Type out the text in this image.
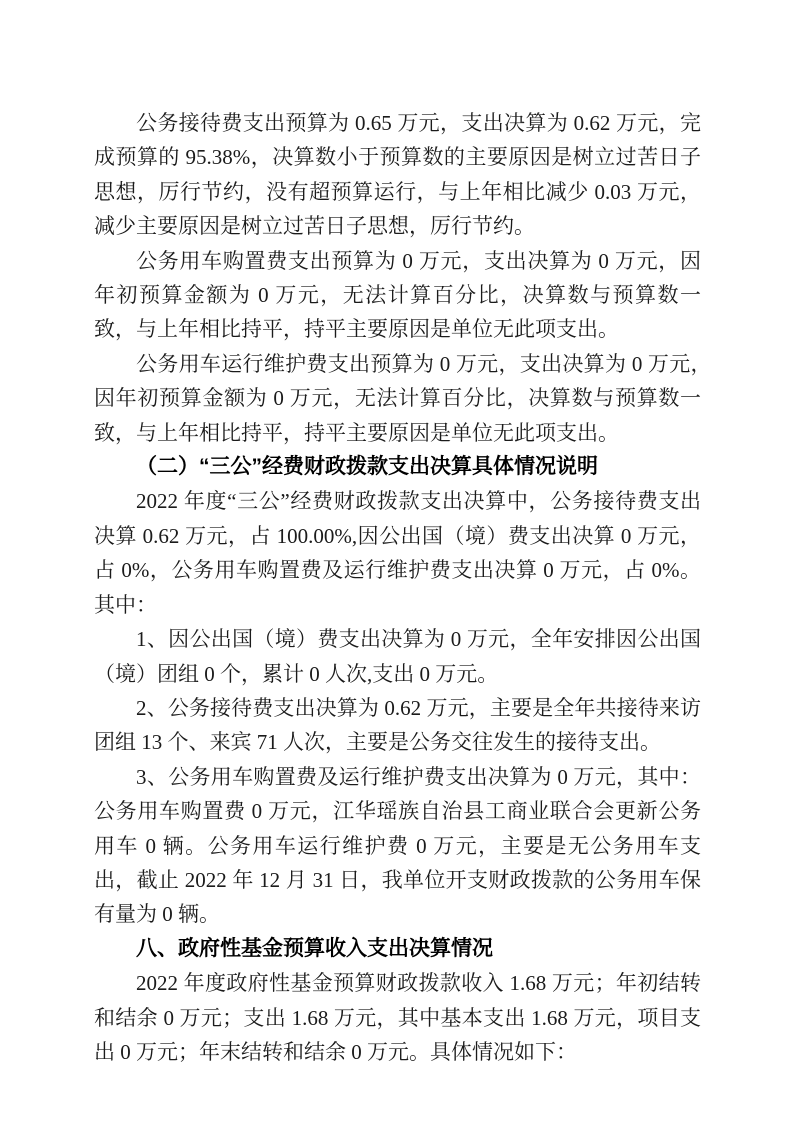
公务接待费支出预算为 0.65 万元，支出决算为 0.62 万元，完成预算的 95.38%，决算数小于预算数的主要原因是树立过苦日子思想，厉行节约，没有超预算运行，与上年相比减少 0.03 万元，减少主要原因是树立过苦日子思想，厉行节约。

公务用车购置费支出预算为 0 万元，支出决算为 0 万元，因年初预算金额为 0 万元，无法计算百分比，决算数与预算数一致，与上年相比持平，持平主要原因是单位无此项支出。

公务用车运行维护费支出预算为 0 万元，支出决算为 0 万元，　因年初预算金额为 0 万元，无法计算百分比，决算数与预算数一致，与上年相比持平，持平主要原因是单位无此项支出。

（二）“三公”经费财政拨款支出决算具体情况说明

2022 年度“三公”经费财政拨款支出决算中，公务接待费支出决算 0.62 万元，占 100.00%,因公出国（境）费支出决算 0 万元，占 0%，公务用车购置费及运行维护费支出决算 0 万元，占 0%。其中：

1、因公出国（境）费支出决算为 0 万元，全年安排因公出国（境）团组 0 个，累计 0 人次,支出 0 万元。

2、公务接待费支出决算为 0.62 万元，主要是全年共接待来访团组 13 个、来宾 71 人次，主要是公务交往发生的接待支出。

3、公务用车购置费及运行维护费支出决算为 0 万元，其中：公务用车购置费 0 万元，江华瑶族自治县工商业联合会更新公务用车 0 辆。公务用车运行维护费 0 万元，主要是无公务用车支出，截止 2022 年 12 月 31 日，我单位开支财政拨款的公务用车保有量为 0 辆。

八、政府性基金预算收入支出决算情况

2022 年度政府性基金预算财政拨款收入 1.68 万元；年初结转和结余 0 万元；支出 1.68 万元，其中基本支出 1.68 万元，项目支出 0 万元；年末结转和结余 0 万元。具体情况如下：
